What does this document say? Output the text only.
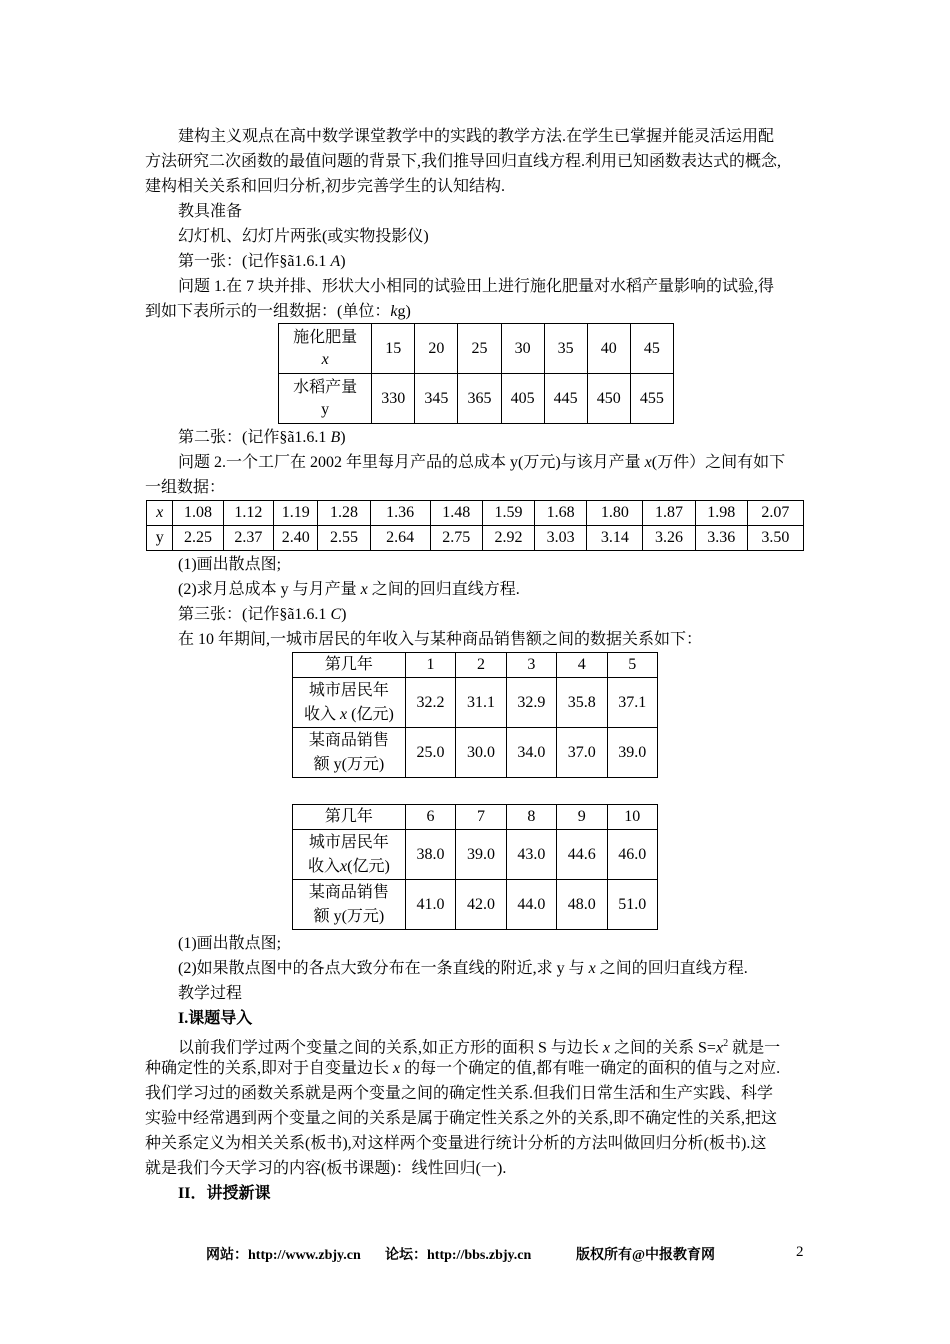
建构主义观点在高中数学课堂教学中的实践的教学方法.在学生已掌握并能灵活运用配
方法研究二次函数的最值问题的背景下,我们推导回归直线方程.利用已知函数表达式的概念,
建构相关关系和回归分析,初步完善学生的认知结构.
教具准备
幻灯机、幻灯片两张(或实物投影仪)
第一张：(记作§ã1.6.1 A)
问题 1.在 7 块并排、形状大小相同的试验田上进行施化肥量对水稻产量影响的试验,得
到如下表所示的一组数据：(单位：kg)
施化肥量
x	15	20	25	30	35	40	45
水稻产量
y	330	345	365	405	445	450	455
第二张：(记作§ã1.6.1 B)
问题 2.一个工厂在 2002 年里每月产品的总成本 y(万元)与该月产量 x(万件）之间有如下
一组数据：
x	1.08	1.12	1.19	1.28	1.36	1.48	1.59	1.68	1.80	1.87	1.98	2.07
y	2.25	2.37	2.40	2.55	2.64	2.75	2.92	3.03	3.14	3.26	3.36	3.50
(1)画出散点图;
(2)求月总成本 y 与月产量 x 之间的回归直线方程.
第三张：(记作§ã1.6.1 C)
在 10 年期间,一城市居民的年收入与某种商品销售额之间的数据关系如下：
第几年	1	2	3	4	5
城市居民年
收入 x (亿元)	32.2	31.1	32.9	35.8	37.1
某商品销售
额 y(万元)	25.0	30.0	34.0	37.0	39.0
第几年	6	7	8	9	10
城市居民年
收入x(亿元)	38.0	39.0	43.0	44.6	46.0
某商品销售
额 y(万元)	41.0	42.0	44.0	48.0	51.0
(1)画出散点图;
(2)如果散点图中的各点大致分布在一条直线的附近,求 y 与 x 之间的回归直线方程.
教学过程
I.课题导入
以前我们学过两个变量之间的关系,如正方形的面积 S 与边长 x 之间的关系 $S=x^2$ 就是一
种确定性的关系,即对于自变量边长 x 的每一个确定的值,都有唯一确定的面积的值与之对应.
我们学习过的函数关系就是两个变量之间的确定性关系.但我们日常生活和生产实践、科学
实验中经常遇到两个变量之间的关系是属于确定性关系之外的关系,即不确定性的关系,把这
种关系定义为相关关系(板书),对这样两个变量进行统计分析的方法叫做回归分析(板书).这
就是我们今天学习的内容(板书课题)：线性回归(一).
II．讲授新课
网站：http://www.zbjy.cn 论坛：http://bbs.zbjy.cn	版权所有@中报教育网	2
